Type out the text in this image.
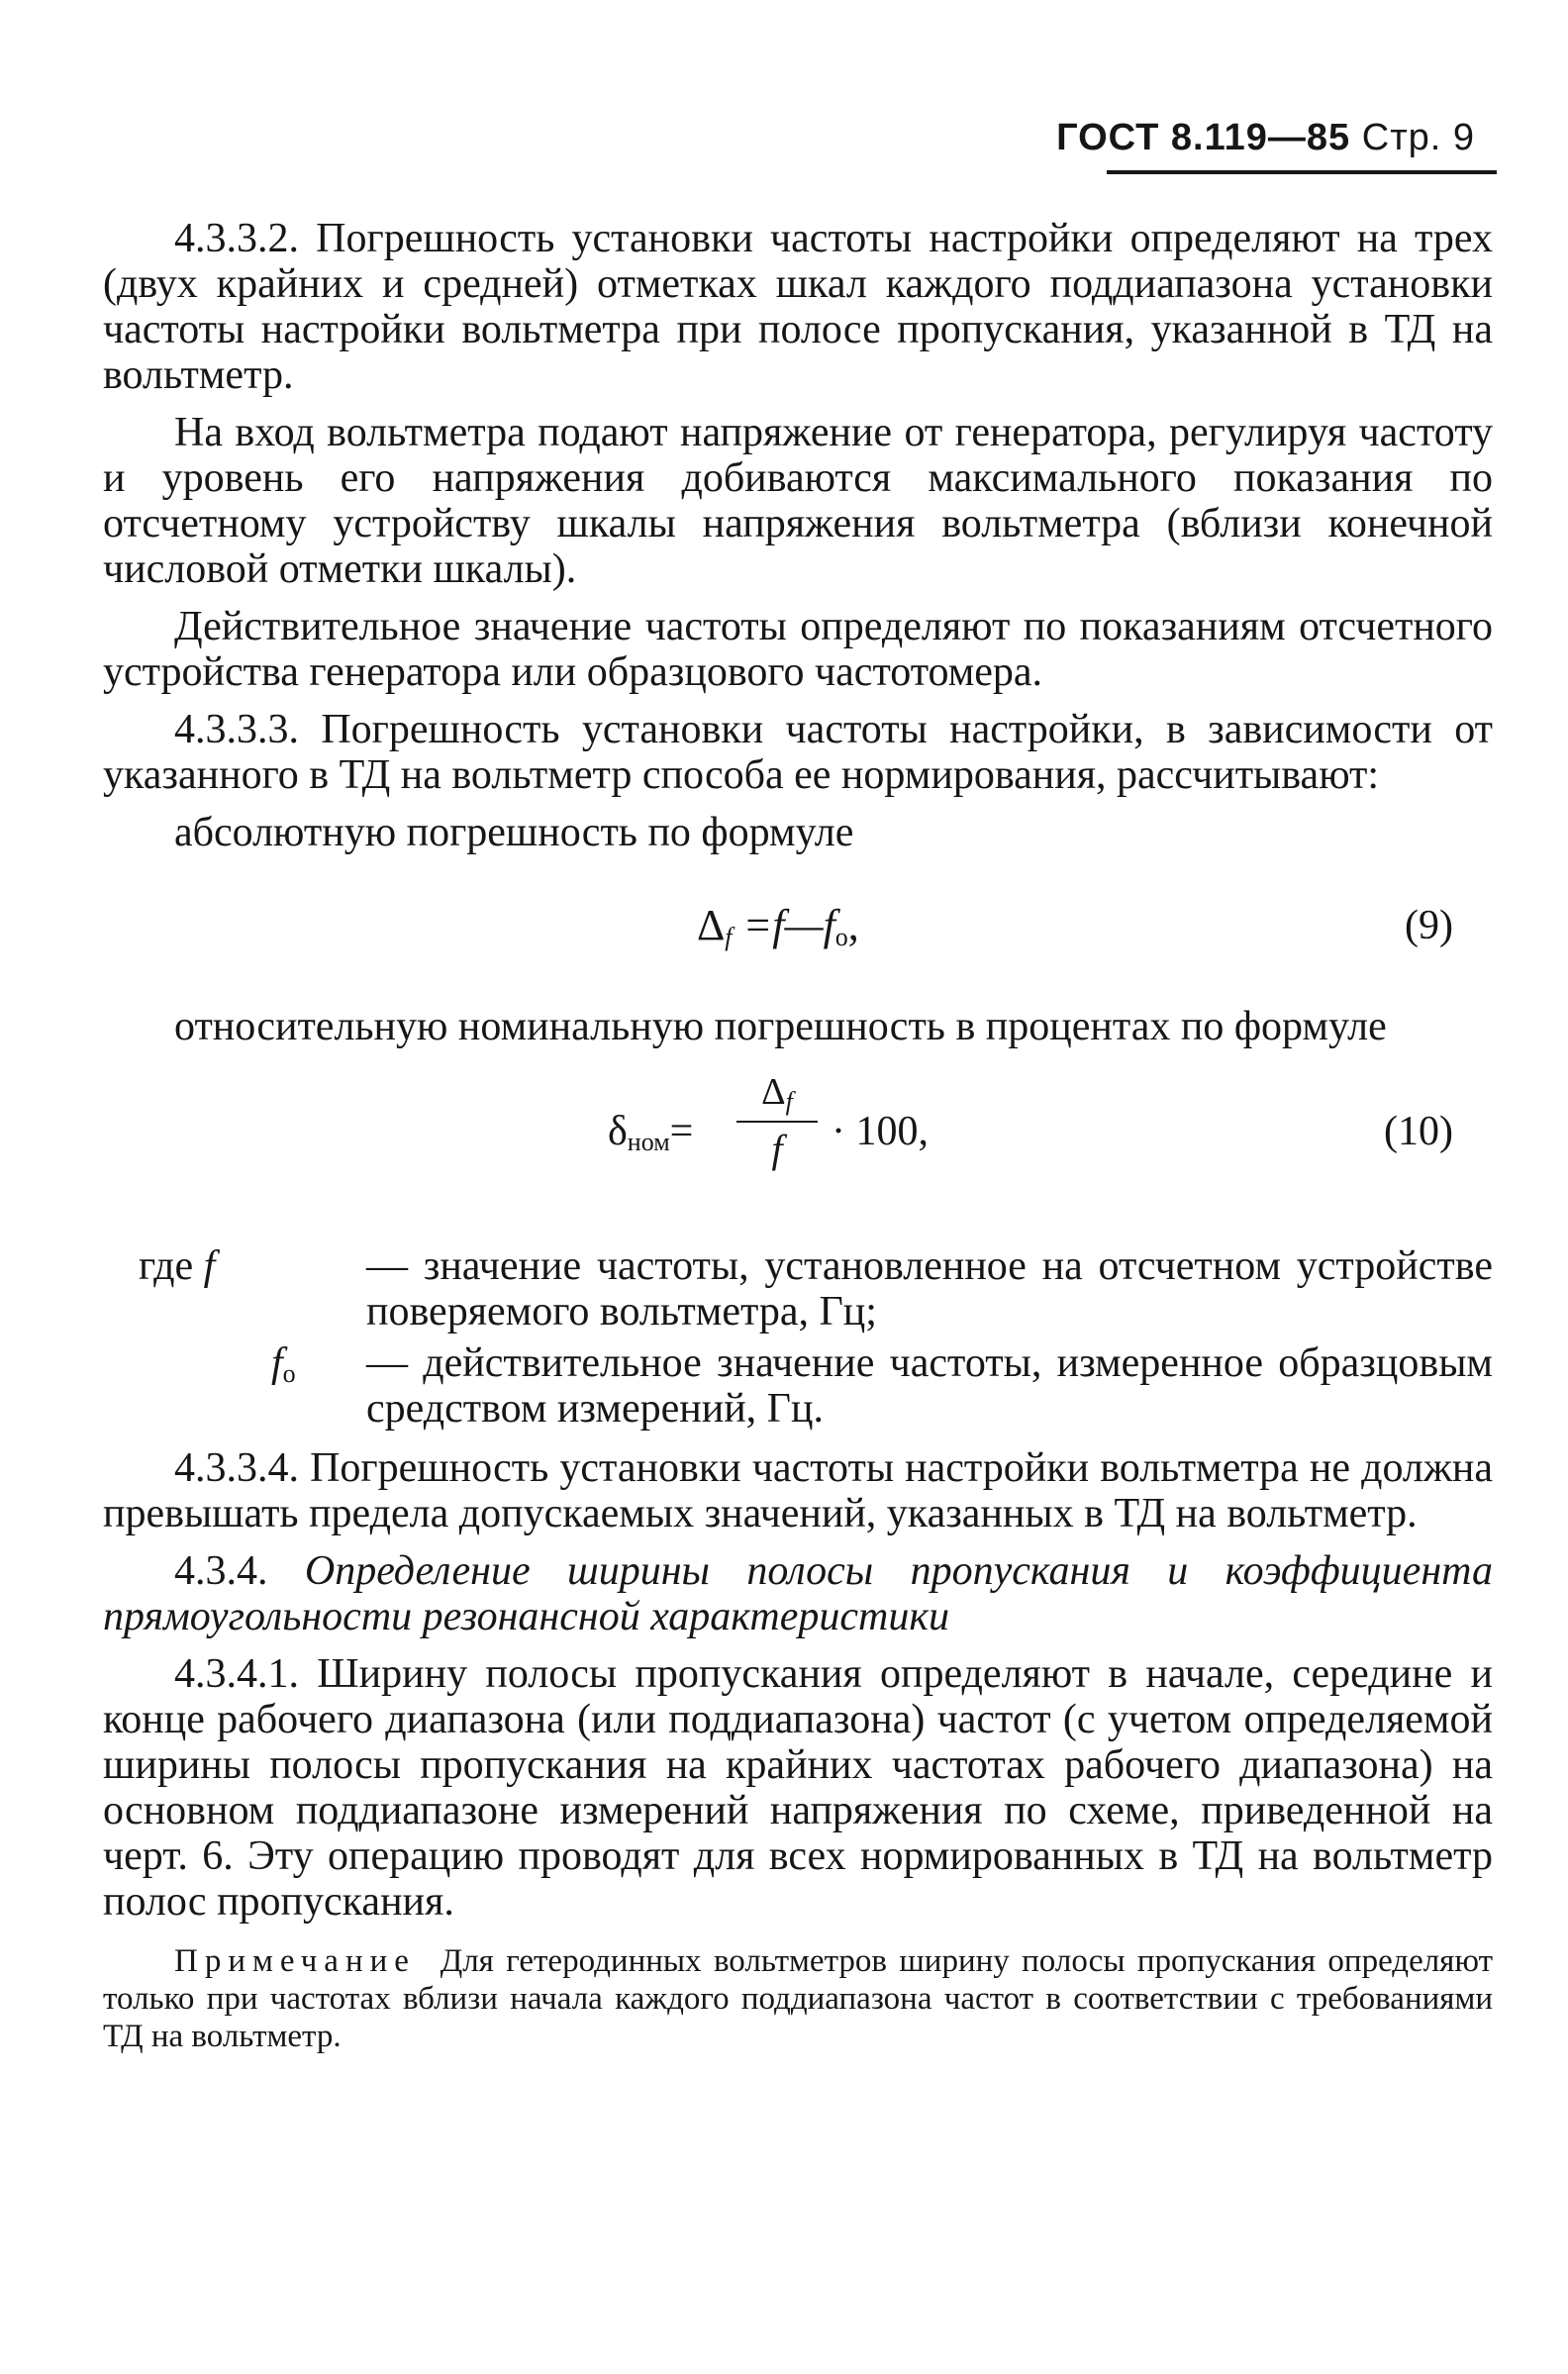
ГОСТ 8.119—85 Стр. 9

4.3.3.2. Погрешность установки частоты настройки определяют на трех (двух крайних и средней) отметках шкал каждого поддиапазона установки частоты настройки вольтметра при полосе пропускания, указанной в ТД на вольтметр.

На вход вольтметра подают напряжение от генератора, регулируя частоту и уровень его напряжения добиваются максимального показания по отсчетному устройству шкалы напряжения вольтметра (вблизи конечной числовой отметки шкалы).

Действительное значение частоты определяют по показаниям отсчетного устройства генератора или образцового частотомера.

4.3.3.3. Погрешность установки частоты настройки, в зависимости от указанного в ТД на вольтметр способа ее нормирования, рассчитывают:

абсолютную погрешность по формуле

$\Delta_f$ $=f—f_o$,	(9)

относительную номинальную погрешность в процентах по формуле

$\delta_{ном}=$
$\Delta_f$
f	· 100,	(10)
где f	— значение частоты, установленное на отсчетном устройстве поверяемого вольтметра, Гц;
$f_o$	— действительное значение частоты, измеренное образцовым средством измерений, Гц.

4.3.3.4. Погрешность установки частоты настройки вольтметра не должна превышать предела допускаемых значений, указанных в ТД на вольтметр.

4.3.4. Определение ширины полосы пропускания и коэффициента прямоугольности резонансной характеристики

4.3.4.1. Ширину полосы пропускания определяют в начале, середине и конце рабочего диапазона (или поддиапазона) частот (с учетом определяемой ширины полосы пропускания на крайних частотах рабочего диапазона) на основном поддиапазоне измерений напряжения по схеме, приведенной на черт. 6. Эту операцию проводят для всех нормированных в ТД на вольтметр полос пропускания.

Примечание Для гетеродинных вольтметров ширину полосы пропускания определяют только при частотах вблизи начала каждого поддиапазона частот в соответствии с требованиями ТД на вольтметр.
